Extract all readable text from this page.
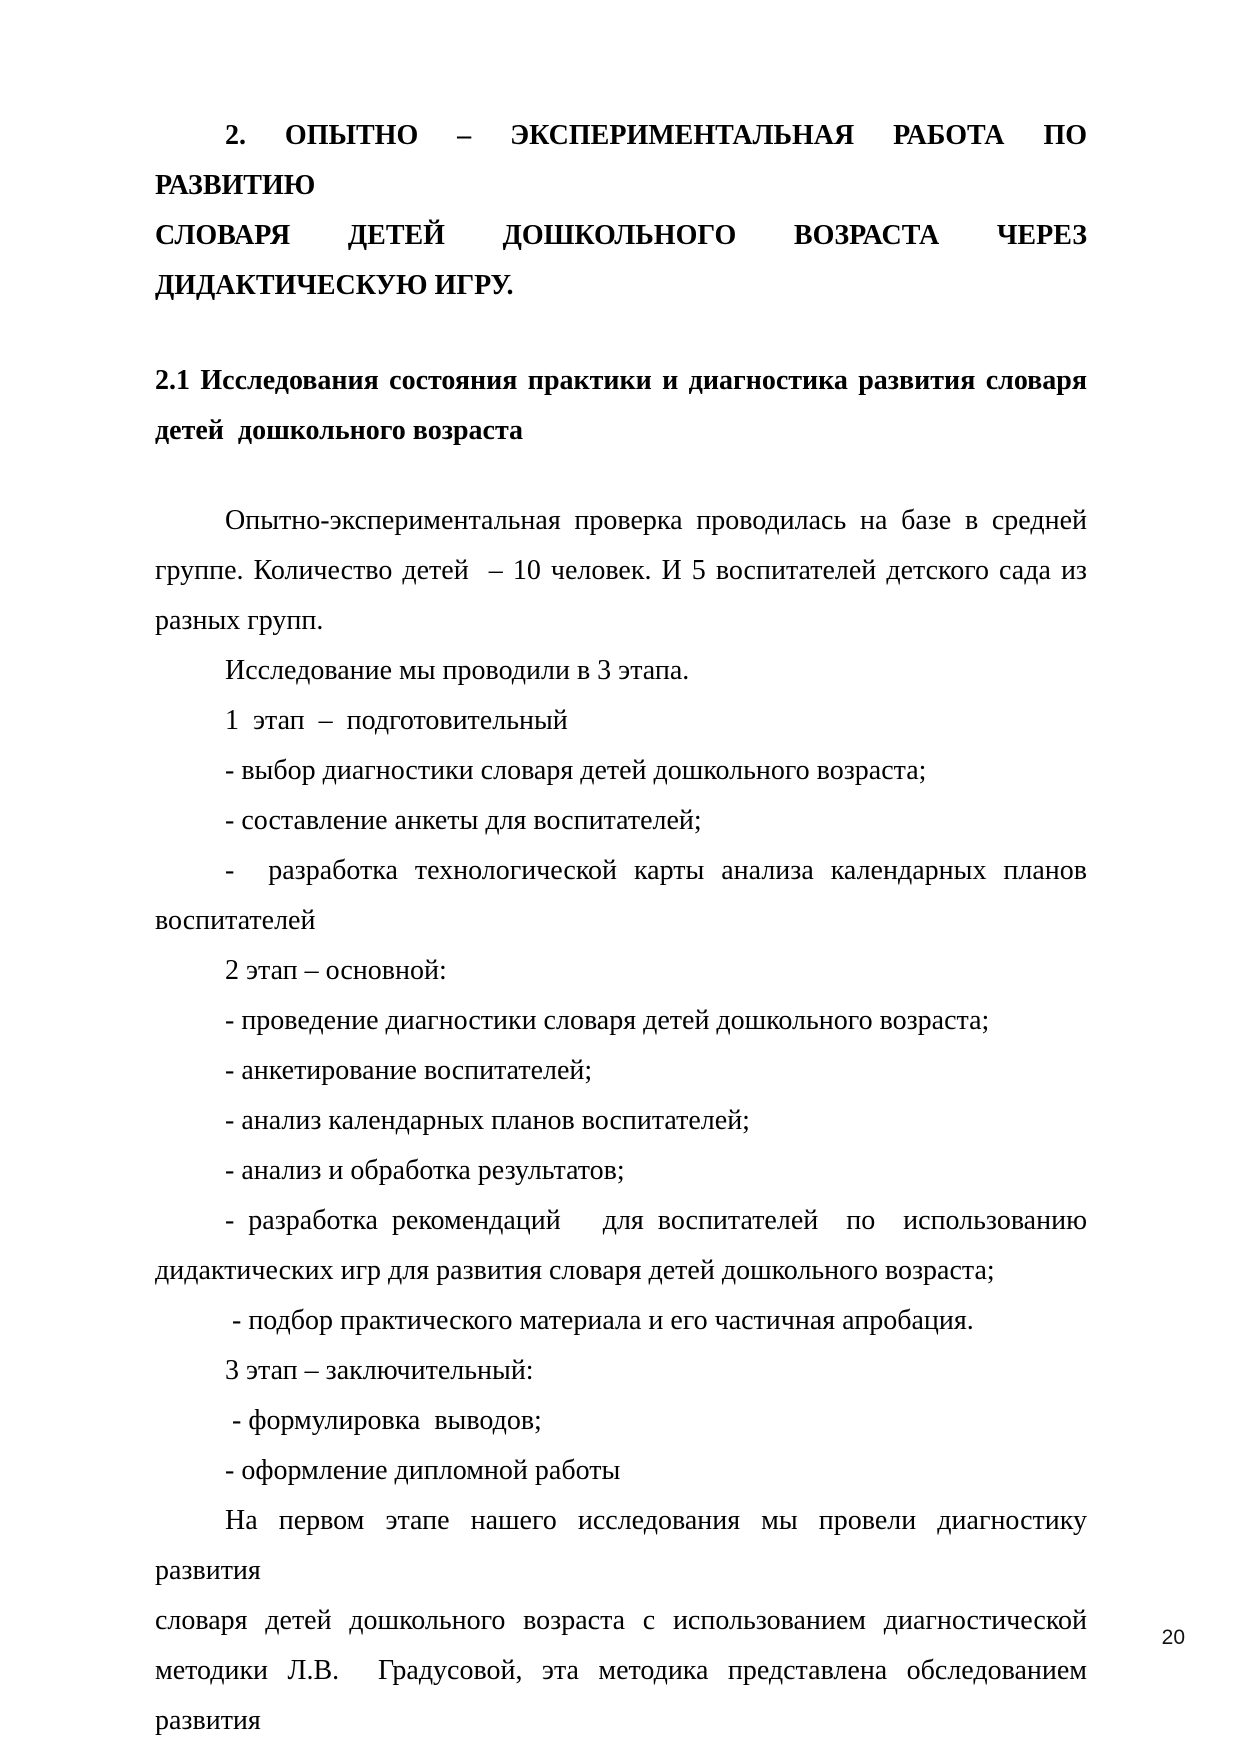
2. ОПЫТНО – ЭКСПЕРИМЕНТАЛЬНАЯ РАБОТА ПО РАЗВИТИЮ
СЛОВАРЯ ДЕТЕЙ ДОШКОЛЬНОГО ВОЗРАСТА ЧЕРЕЗ
ДИДАКТИЧЕСКУЮ ИГРУ.
2.1 Исследования состояния практики и диагностика развития словаря
детей  дошкольного возраста
Опытно-экспериментальная проверка проводилась на базе в средней
группе. Количество детей  – 10 человек. И 5 воспитателей детского сада из
разных групп.
Исследование мы проводили в 3 этапа.
1  этап  –  подготовительный
- выбор диагностики словаря детей дошкольного возраста;
- составление анкеты для воспитателей;
-  разработка технологической карты анализа календарных планов
воспитателей
2 этап – основной:
- проведение диагностики словаря детей дошкольного возраста;
- анкетирование воспитателей;
- анализ календарных планов воспитателей;
- анализ и обработка результатов;
- разработка рекомендаций   для воспитателей  по  использованию
дидактических игр для развития словаря детей дошкольного возраста;
- подбор практического материала и его частичная апробация.
3 этап – заключительный:
- формулировка  выводов;
- оформление дипломной работы
На первом этапе нашего исследования мы провели диагностику развития
словаря детей дошкольного возраста с использованием диагностической
методики Л.В.  Градусовой, эта методика представлена обследованием развития
20
